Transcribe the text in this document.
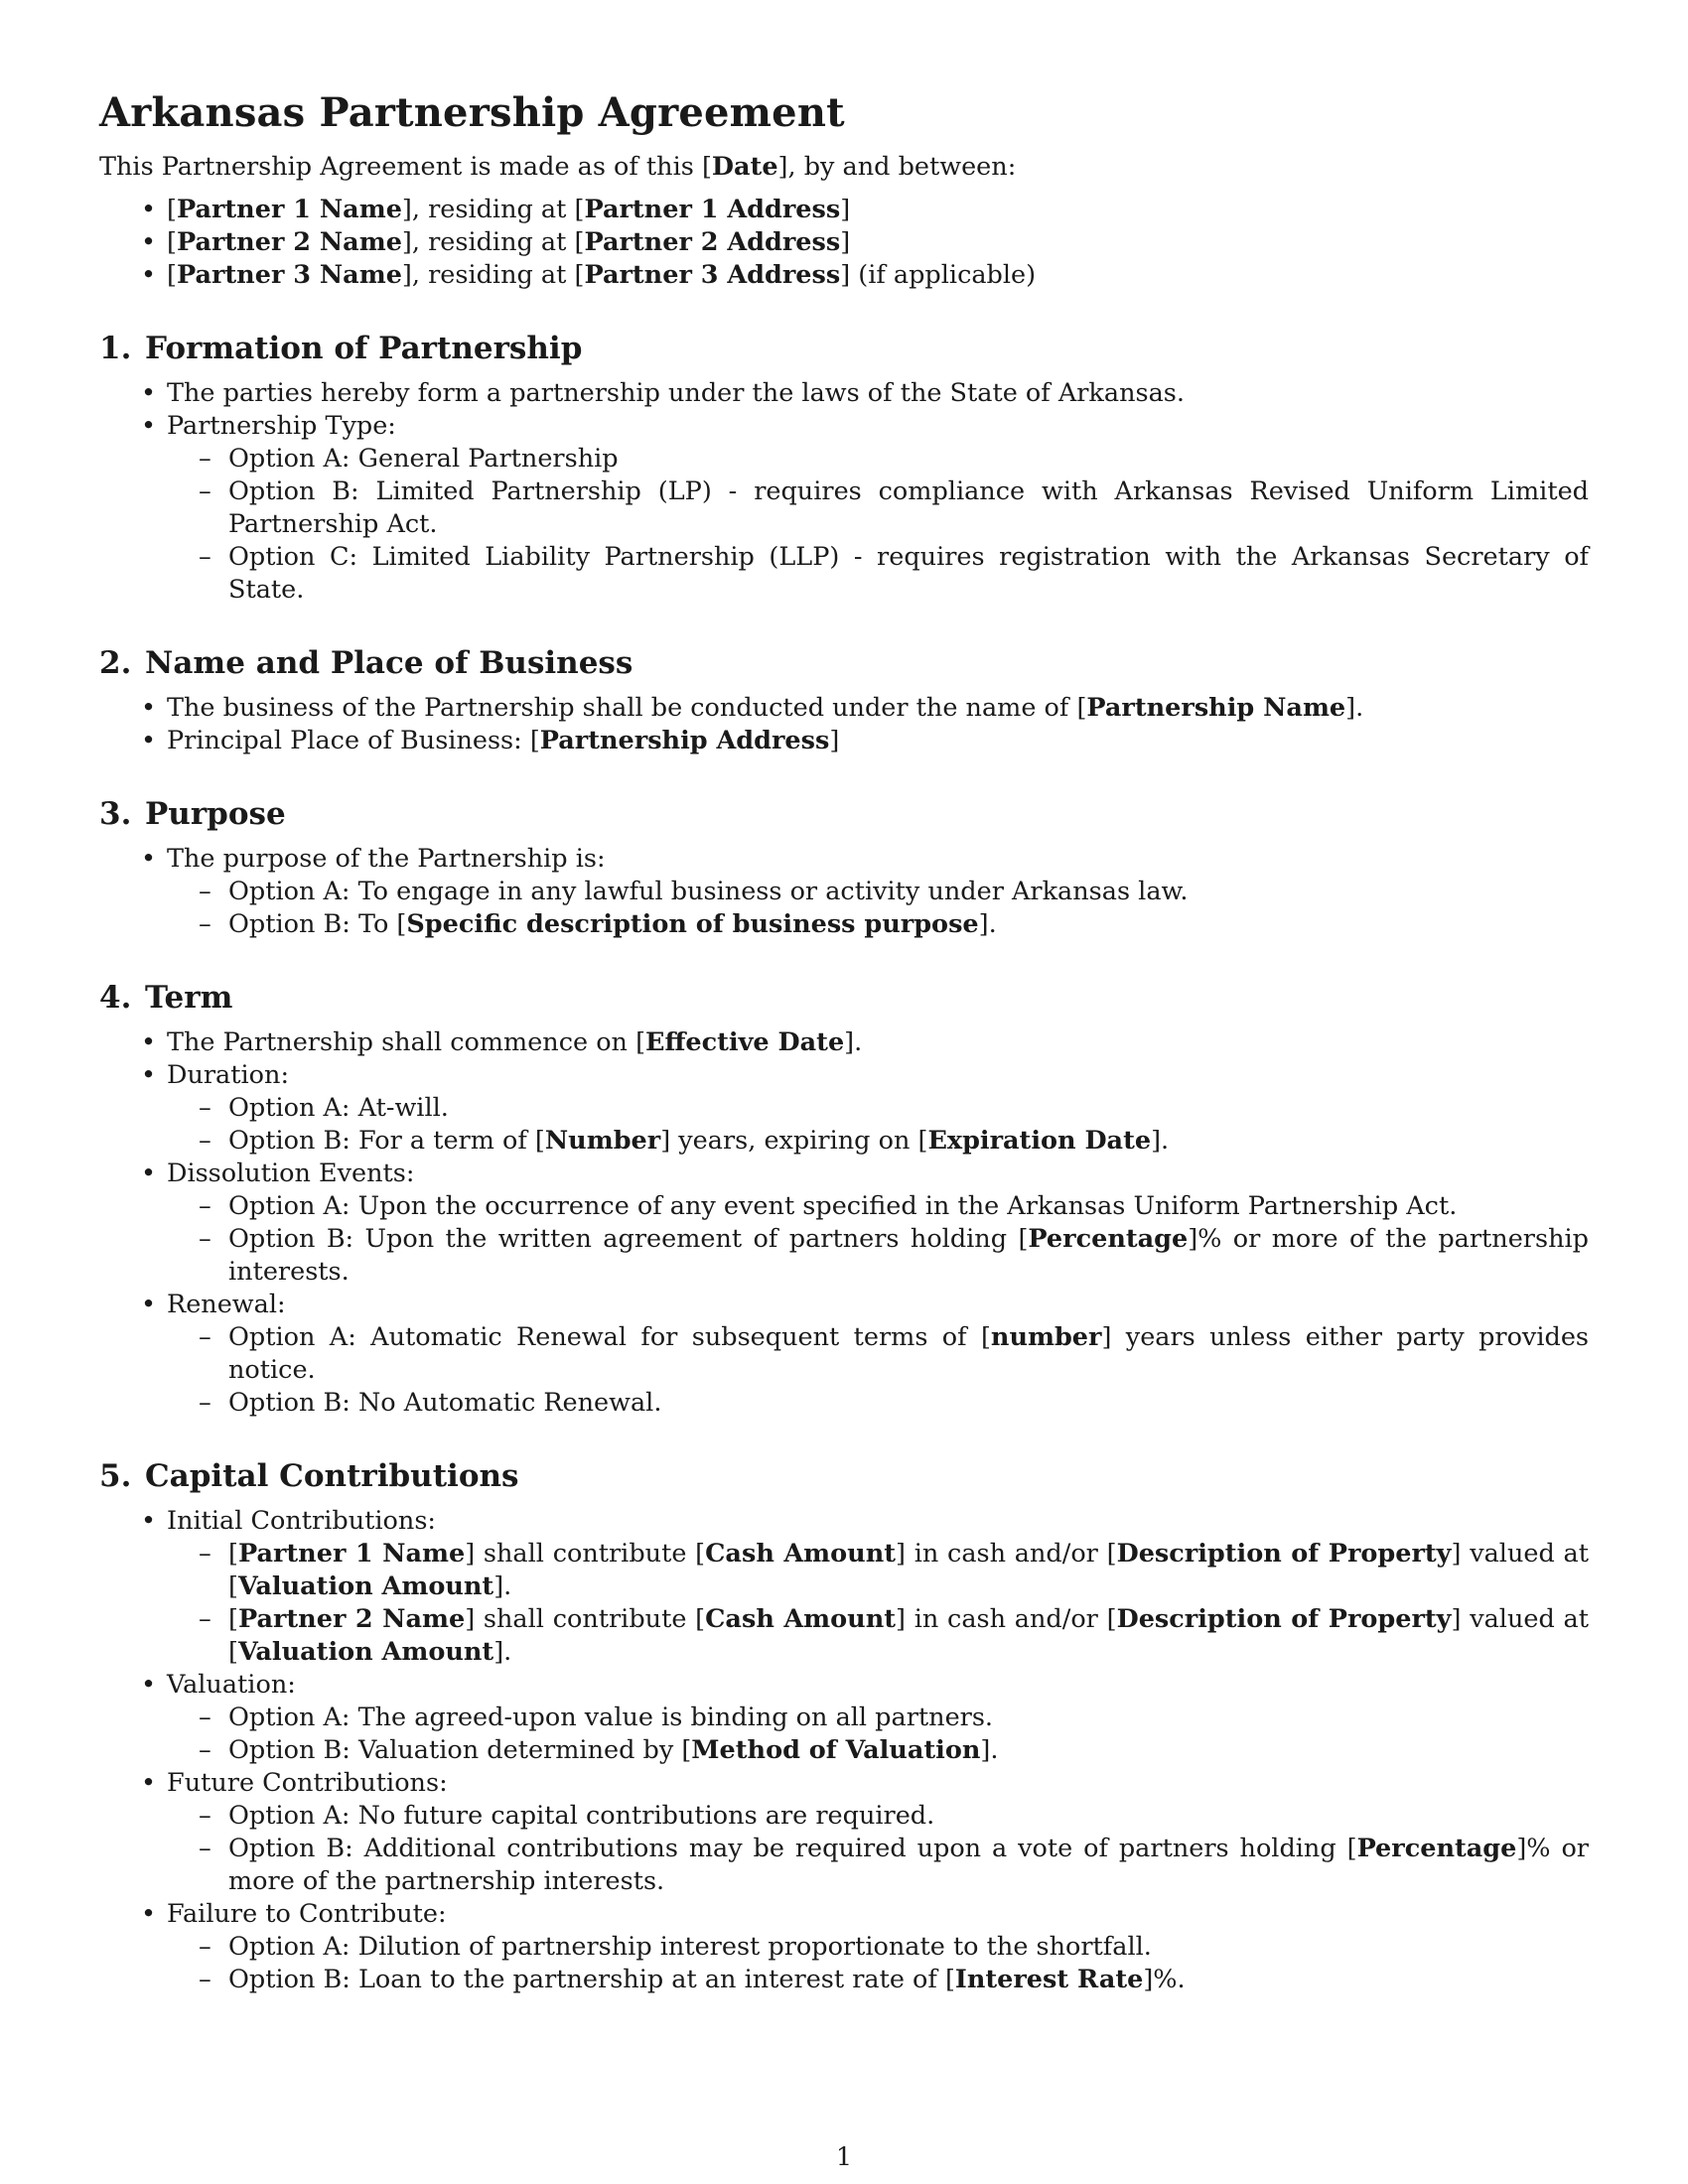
Arkansas Partnership Agreement

This Partnership Agreement is made as of this [Date], by and between:

• [Partner 1 Name], residing at [Partner 1 Address]
• [Partner 2 Name], residing at [Partner 2 Address]
• [Partner 3 Name], residing at [Partner 3 Address] (if applicable)
1. Formation of Partnership
• The parties hereby form a partnership under the laws of the State of Arkansas.
• Partnership Type:
– Option A: General Partnership
– Option B: Limited Partnership (LP) - requires compliance with Arkansas Revised Uniform Limited Partnership Act.
– Option C: Limited Liability Partnership (LLP) - requires registration with the Arkansas Secretary of State.
2. Name and Place of Business
• The business of the Partnership shall be conducted under the name of [Partnership Name].
• Principal Place of Business: [Partnership Address]
3. Purpose
• The purpose of the Partnership is:
– Option A: To engage in any lawful business or activity under Arkansas law.
– Option B: To [Specific description of business purpose].
4. Term
• The Partnership shall commence on [Effective Date].
• Duration:
– Option A: At-will.
– Option B: For a term of [Number] years, expiring on [Expiration Date].
• Dissolution Events:
– Option A: Upon the occurrence of any event specified in the Arkansas Uniform Partnership Act.
– Option B: Upon the written agreement of partners holding [Percentage]% or more of the partnership interests.
• Renewal:
– Option A: Automatic Renewal for subsequent terms of [number] years unless either party provides notice.
– Option B: No Automatic Renewal.
5. Capital Contributions
• Initial Contributions:
– [Partner 1 Name] shall contribute [Cash Amount] in cash and/or [Description of Property] valued at [Valuation Amount].
– [Partner 2 Name] shall contribute [Cash Amount] in cash and/or [Description of Property] valued at [Valuation Amount].
• Valuation:
– Option A: The agreed-upon value is binding on all partners.
– Option B: Valuation determined by [Method of Valuation].
• Future Contributions:
– Option A: No future capital contributions are required.
– Option B: Additional contributions may be required upon a vote of partners holding [Percentage]% or more of the partnership interests.
• Failure to Contribute:
– Option A: Dilution of partnership interest proportionate to the shortfall.
– Option B: Loan to the partnership at an interest rate of [Interest Rate]%.
1
